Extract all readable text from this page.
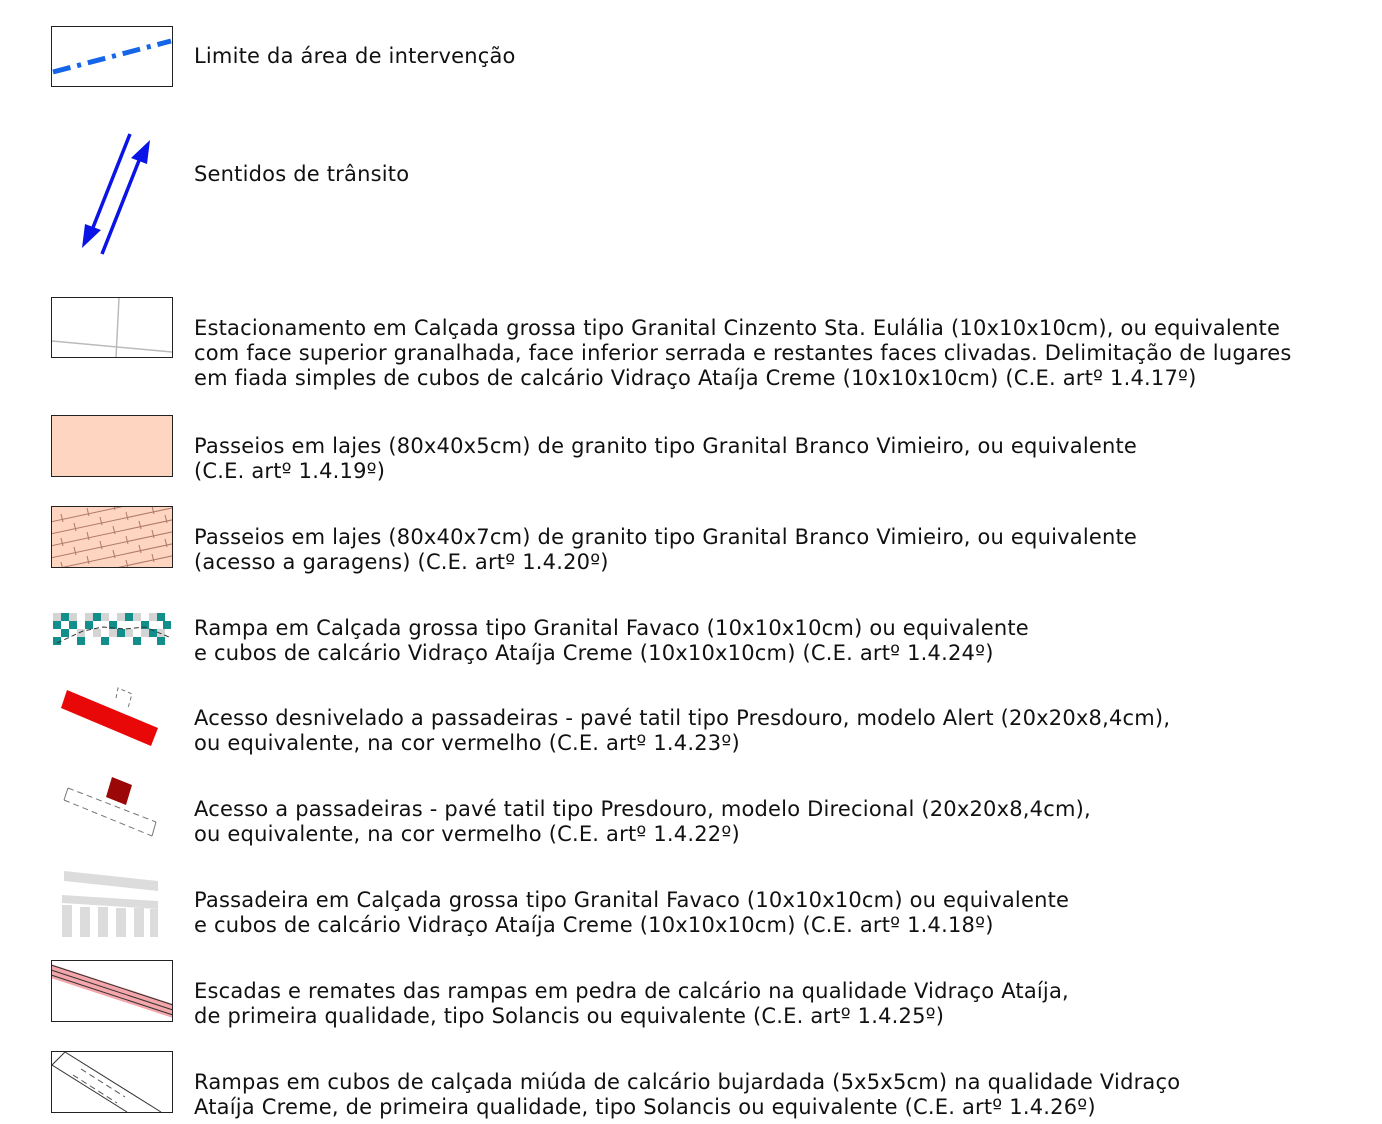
Limite da área de intervenção
Sentidos de trânsito
Estacionamento em Calçada grossa tipo Granital Cinzento Sta. Eulália (10x10x10cm), ou equivalente
com face superior granalhada, face inferior serrada e restantes faces clivadas. Delimitação de lugares
em fiada simples de cubos de calcário Vidraço Ataíja Creme (10x10x10cm) (C.E. artº 1.4.17º)
Passeios em lajes (80x40x5cm) de granito tipo Granital Branco Vimieiro, ou equivalente
(C.E. artº 1.4.19º)
Passeios em lajes (80x40x7cm) de granito tipo Granital Branco Vimieiro, ou equivalente
(acesso a garagens) (C.E. artº 1.4.20º)
Rampa em Calçada grossa tipo Granital Favaco (10x10x10cm) ou equivalente
e cubos de calcário Vidraço Ataíja Creme (10x10x10cm) (C.E. artº 1.4.24º)
Acesso desnivelado a passadeiras - pavé tatil tipo Presdouro, modelo Alert (20x20x8,4cm),
ou equivalente, na cor vermelho (C.E. artº 1.4.23º)
Acesso a passadeiras - pavé tatil tipo Presdouro, modelo Direcional (20x20x8,4cm),
ou equivalente, na cor vermelho (C.E. artº 1.4.22º)
Passadeira em Calçada grossa tipo Granital Favaco (10x10x10cm) ou equivalente
e cubos de calcário Vidraço Ataíja Creme (10x10x10cm) (C.E. artº 1.4.18º)
Escadas e remates das rampas em pedra de calcário na qualidade Vidraço Ataíja,
de primeira qualidade, tipo Solancis ou equivalente (C.E. artº 1.4.25º)
Rampas em cubos de calçada miúda de calcário bujardada (5x5x5cm) na qualidade Vidraço
Ataíja Creme, de primeira qualidade, tipo Solancis ou equivalente (C.E. artº 1.4.26º)
